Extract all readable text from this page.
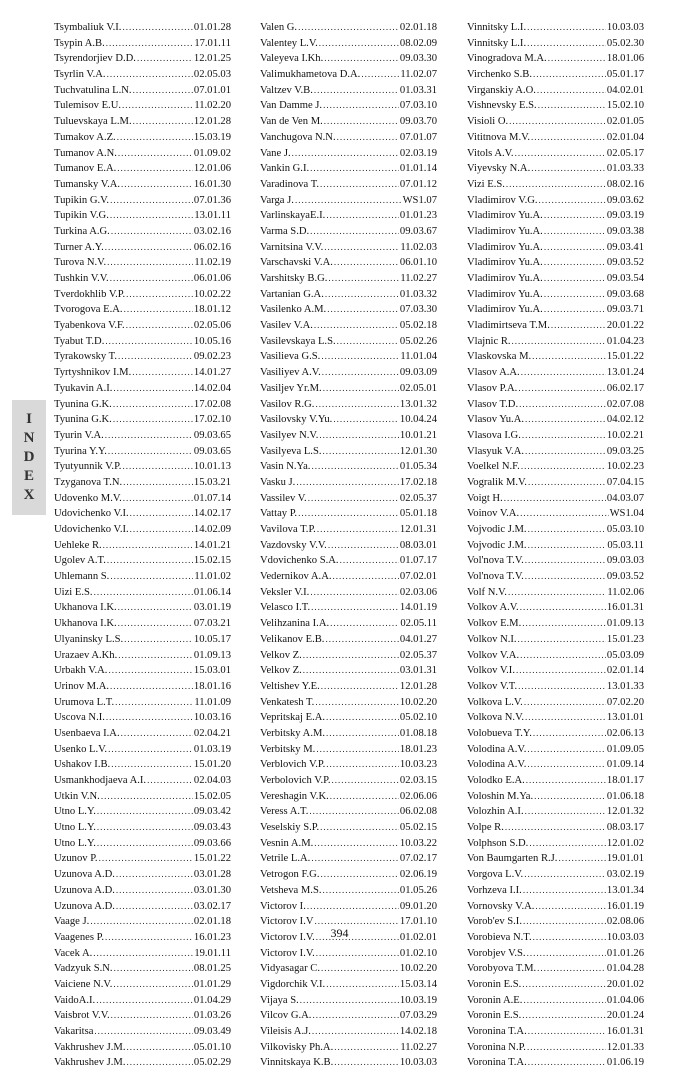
I
N
D
E
X
Tsymbaliuk V.I. .....	01.01.28
Tsypin A.B. .....	17.01.11
Tsyrendorjiev D.D. .....	12.01.25
Tsyrlin V.A. .....	02.05.03
Tuchvatulina L.N. .....	07.01.01
Tulemisov E.U. .....	11.02.20
Tuluevskaya L.M. .....	12.01.28
Tumakov A.Z. .....	15.03.19
Tumanov A.N. .....	01.09.02
Tumanov E.A. .....	12.01.06
Tumansky V.A. .....	16.01.30
Tupikin G.V. .....	07.01.36
Tupikin V.G. .....	13.01.11
Turkina A.G. .....	03.02.16
Turner A.Y. .....	06.02.16
Turova N.V. .....	11.02.19
Tushkin V.V. .....	06.01.06
Tverdokhlib V.P. .....	10.02.22
Tvorogova E.A. .....	18.01.12
Tyabenkova V.F. .....	02.05.06
Tyabut T.D. .....	10.05.16
Tyrakowsky T. .....	09.02.23
Tyrtyshnikov I.M. .....	14.01.27
Tyukavin A.I. .....	14.02.04
Tyunina G.K. .....	17.02.08
Tyunina G.K. .....	17.02.10
Tyurin V.A. .....	09.03.65
Tyurina Y.Y. .....	09.03.65
Tyutyunnik V.P. .....	10.01.13
Tzyganova T.N. .....	15.03.21
Udovenko M.V. .....	01.07.14
Udovichenko V.I. .....	14.02.17
Udovichenko V.I. .....	14.02.09
Uehleke R. .....	14.01.21
Ugolev A.T. .....	15.02.15
Uhlemann S. .....	11.01.02
Uizi E.S. .....	01.06.14
Ukhanova I.K. .....	03.01.19
Ukhanova I.K. .....	07.03.21
Ulyaninsky L.S. .....	10.05.17
Urazaev A.Kh. .....	01.09.13
Urbakh V.A. .....	15.03.01
Urinov M.A. .....	18.01.16
Urumova L.T. .....	11.01.09
Uscova N.I. .....	10.03.16
Usenbaeva I.A. .....	02.04.21
Usenko L.V. .....	01.03.19
Ushakov I.B. .....	15.01.20
Usmankhodjaeva A.I. .....	02.04.03
Utkin V.N. .....	15.02.05
Utno L.Y. .....	09.03.42
Utno L.Y. .....	09.03.43
Utno L.Y. .....	09.03.66
Uzunov P. .....	15.01.22
Uzunova A.D. .....	03.01.28
Uzunova A.D. .....	03.01.30
Uzunova A.D. .....	03.02.17
Vaage J. .....	02.01.18
Vaagenes P. .....	16.01.23
Vacek A. .....	19.01.11
Vadzyuk S.N. .....	08.01.25
Vaiciene N.V. .....	01.01.29
VaidoA.I. .....	01.04.29
Vaisbrot V.V. .....	01.03.26
Vakaritsa .....	09.03.49
Vakhrushev J.M. .....	05.01.10
Vakhrushev J.M. .....	05.02.29
Valen G. .....	02.01.18
Valentey L.V. .....	08.02.09
Valeyeva I.Kh. .....	09.03.30
Valimukhametova D.A. .....	11.02.07
Valtzev V.B. .....	01.03.31
Van Damme J. .....	07.03.10
Van de Ven M. .....	09.03.70
Vanchugova N.N. .....	07.01.07
Vane J. .....	02.03.19
Vankin G.I. .....	01.01.14
Varadinova T. .....	07.01.12
Varga J. .....	WS1.07
VarlinskayaE.I. .....	01.01.23
Varma S.D. .....	09.03.67
Varnitsina V.V. .....	11.02.03
Varschavski V.A. .....	06.01.10
Varshitsky B.G. .....	11.02.27
Vartanian G.A. .....	01.03.32
Vasilenko A.M. .....	07.03.30
Vasilev V.A. .....	05.02.18
Vasilevskaya L.S. .....	05.02.26
Vasilieva G.S. .....	11.01.04
Vasiliyev A.V. .....	09.03.09
Vasiljev Yr.M. .....	02.05.01
Vasilov R.G. .....	13.01.32
Vasilovsky V.Yu. .....	10.04.24
Vasilyev N.V. .....	10.01.21
Vasilyeva L.S. .....	12.01.30
Vasin N.Ya. .....	01.05.34
Vasku J. .....	17.02.18
Vassilev V. .....	02.05.37
Vattay P. .....	05.01.18
Vavilova T.P. .....	12.01.31
Vazdovsky V.V. .....	08.03.01
Vdovichenko S.A. .....	01.07.17
Vedernikov A.A. .....	07.02.01
Veksler V.I. .....	02.03.06
Velasco I.T. .....	14.01.19
Velihzanina I.A. .....	02.05.11
Velikanov E.B. .....	04.01.27
Velkov Z. .....	02.05.37
Velkov Z. .....	03.01.31
Veltishev Y.E. .....	12.01.28
Venkatesh T. .....	10.02.20
Vepritskaj E.A. .....	05.02.10
Verbitsky A.M. .....	01.08.18
Verbitsky M. .....	18.01.23
Verblovich V.P. .....	10.03.23
Verbolovich V.P. .....	02.03.15
Vereshagin V.K. .....	02.06.06
Veress A.T. .....	06.02.08
Veselskiy S.P. .....	05.02.15
Vesnin A.M. .....	10.03.22
Vetrile L.A. .....	07.02.17
Vetrogon F.G. .....	02.06.19
Vetsheva M.S. .....	01.05.26
Victorov I. .....	09.01.20
Victorov I.V .....	17.01.10
Victorov I.V. .....	01.02.01
Victorov I.V. .....	01.02.10
Vidyasagar C. .....	10.02.20
Vigdorchik V.I. .....	15.03.14
Vijaya S. .....	10.03.19
Vilcov G.A. .....	07.03.29
Vileisis A.J. .....	14.02.18
Vilkovisky Ph.A. .....	11.02.27
Vinnitskaya K.B. .....	10.03.03
Vinnitsky L.I. .....	10.03.03
Vinnitsky L.I. .....	05.02.30
Vinogradova M.A. .....	18.01.06
Virchenko S.B. .....	05.01.17
Virganskiy A.O. .....	04.02.01
Vishnevsky E.S. .....	15.02.10
Visioli O. .....	02.01.05
Vititnova M.V. .....	02.01.04
Vitols A.V. .....	02.05.17
Viyevsky N.A. .....	01.03.33
Vizi E.S. .....	08.02.16
Vladimirov V.G. .....	09.03.62
Vladimirov Yu.A. .....	09.03.19
Vladimirov Yu.A. .....	09.03.38
Vladimirov Yu.A. .....	09.03.41
Vladimirov Yu.A. .....	09.03.52
Vladimirov Yu.A. .....	09.03.54
Vladimirov Yu.A. .....	09.03.68
Vladimirov Yu.A. .....	09.03.71
Vladimirtseva T.M. .....	20.01.22
Vlajnic R. .....	01.04.23
Vlaskovska M. .....	15.01.22
Vlasov A.A. .....	13.01.24
Vlasov P.A. .....	06.02.17
Vlasov T.D. .....	02.07.08
Vlasov Yu.A. .....	04.02.12
Vlasova I.G. .....	10.02.21
Vlasyuk V.A. .....	09.03.25
Voelkel N.F. .....	10.02.23
Vogralik M.V. .....	07.04.15
Voigt H. .....	04.03.07
Voinov V.A. .....	WS1.04
Vojvodic J.M. .....	05.03.10
Vojvodic J.M. .....	05.03.11
Vol'nova T.V. .....	09.03.03
Vol'nova T.V. .....	09.03.52
Volf N.V. .....	11.02.06
Volkov A.V. .....	16.01.31
Volkov E.M. .....	01.09.13
Volkov N.I. .....	15.01.23
Volkov V.A. .....	05.03.09
Volkov V.I. .....	02.01.14
Volkov V.T. .....	13.01.33
Volkova L.V. .....	07.02.20
Volkova N.V. .....	13.01.01
Volobueva T.Y. .....	02.06.13
Volodina A.V. .....	01.09.05
Volodina A.V. .....	01.09.14
Volodko E.A. .....	18.01.17
Voloshin M.Ya. .....	01.06.18
Volozhin A.I. .....	12.01.32
Volpe R. .....	08.03.17
Volphson S.D. .....	12.01.02
Von Baumgarten R.J. .....	19.01.01
Vorgova L.V. .....	03.02.19
Vorhzeva I.I. .....	13.01.34
Vornovsky V.A. .....	16.01.19
Vorob'ev S.I. .....	02.08.06
Vorobieva N.T. .....	10.03.03
Vorobjev V.S. .....	01.01.26
Vorobyova T.M. .....	01.04.28
Voronin E.S. .....	20.01.02
Voronin A.E. .....	01.04.06
Voronin E.S. .....	20.01.24
Voronina T.A. .....	16.01.31
Voronina N.P. .....	12.01.33
Voronina T.A. .....	01.06.19
394
